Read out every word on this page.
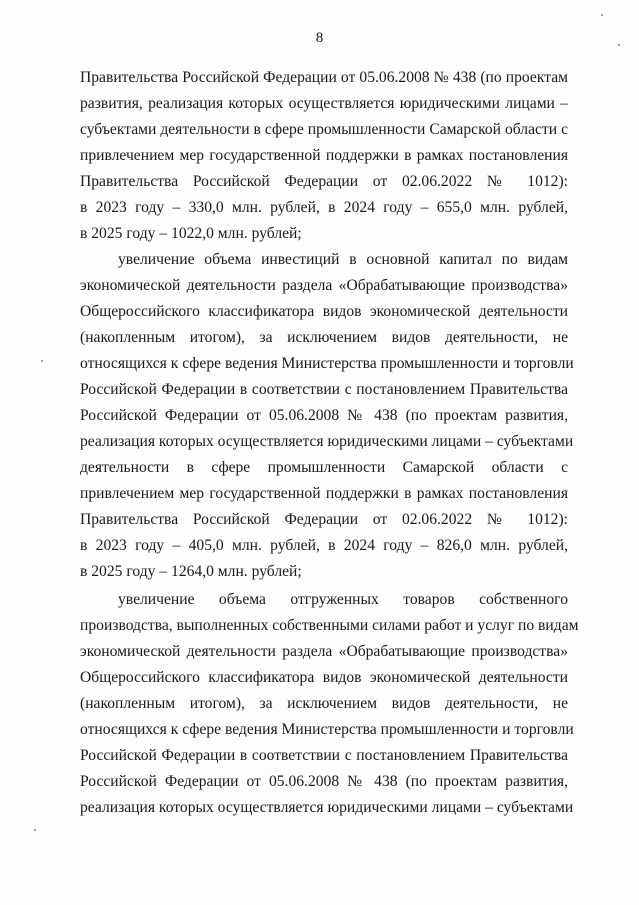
8
Правительства Российской Федерации от 05.06.2008 № 438 (по проектам
развития, реализация которых осуществляется юридическими лицами –
субъектами деятельности в сфере промышленности Самарской области с
привлечением мер государственной поддержки в рамках постановления
Правительства Российской Федерации от 02.06.2022 № 1012):
в 2023 году – 330,0 млн. рублей, в 2024 году – 655,0 млн. рублей,
в 2025 году – 1022,0 млн. рублей;
увеличение объема инвестиций в основной капитал по видам
экономической деятельности раздела «Обрабатывающие производства»
Общероссийского классификатора видов экономической деятельности
(накопленным итогом), за исключением видов деятельности, не
относящихся к сфере ведения Министерства промышленности и торговли
Российской Федерации в соответствии с постановлением Правительства
Российской Федерации от 05.06.2008 № 438 (по проектам развития,
реализация которых осуществляется юридическими лицами – субъектами
деятельности в сфере промышленности Самарской области с
привлечением мер государственной поддержки в рамках постановления
Правительства Российской Федерации от 02.06.2022 № 1012):
в 2023 году – 405,0 млн. рублей, в 2024 году – 826,0 млн. рублей,
в 2025 году – 1264,0 млн. рублей;
увеличение объема отгруженных товаров собственного
производства, выполненных собственными силами работ и услуг по видам
экономической деятельности раздела «Обрабатывающие производства»
Общероссийского классификатора видов экономической деятельности
(накопленным итогом), за исключением видов деятельности, не
относящихся к сфере ведения Министерства промышленности и торговли
Российской Федерации в соответствии с постановлением Правительства
Российской Федерации от 05.06.2008 № 438 (по проектам развития,
реализация которых осуществляется юридическими лицами – субъектами
